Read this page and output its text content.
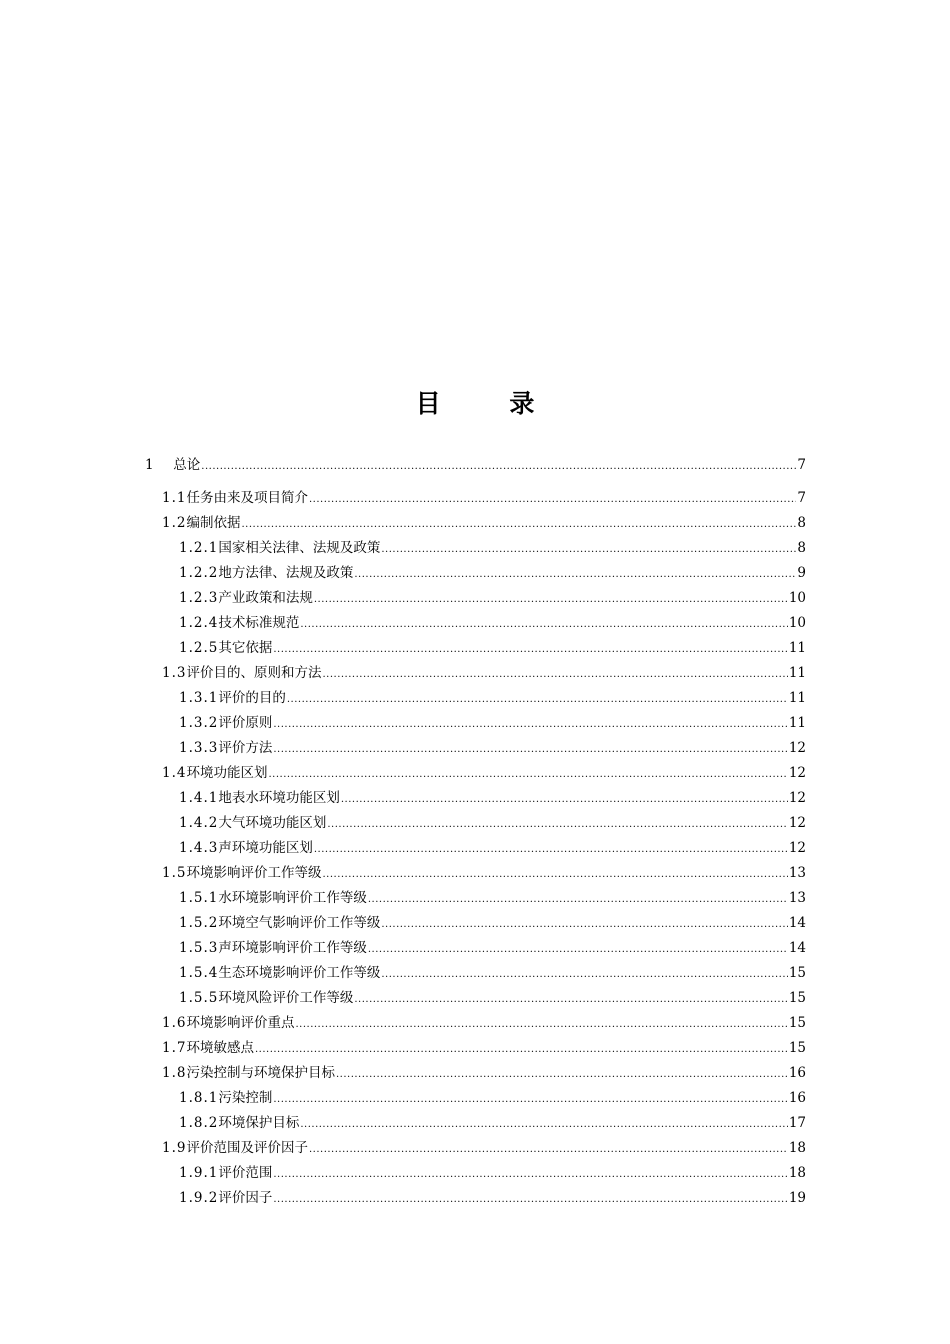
目 录
1 总论 .....	7
1.1任务由来及项目简介 .....	7
1.2编制依据 .....	8
1.2.1国家相关法律、法规及政策 .....	8
1.2.2地方法律、法规及政策 .....	9
1.2.3产业政策和法规 .....	10
1.2.4技术标准规范 .....	10
1.2.5其它依据 .....	11
1.3评价目的、原则和方法 .....	11
1.3.1评价的目的 .....	11
1.3.2评价原则 .....	11
1.3.3评价方法 .....	12
1.4环境功能区划 .....	12
1.4.1地表水环境功能区划 .....	12
1.4.2大气环境功能区划 .....	12
1.4.3声环境功能区划 .....	12
1.5环境影响评价工作等级 .....	13
1.5.1水环境影响评价工作等级 .....	13
1.5.2环境空气影响评价工作等级 .....	14
1.5.3声环境影响评价工作等级 .....	14
1.5.4生态环境影响评价工作等级 .....	15
1.5.5环境风险评价工作等级 .....	15
1.6环境影响评价重点 .....	15
1.7环境敏感点 .....	15
1.8污染控制与环境保护目标 .....	16
1.8.1污染控制 .....	16
1.8.2环境保护目标 .....	17
1.9评价范围及评价因子 .....	18
1.9.1评价范围 .....	18
1.9.2评价因子 .....	19
